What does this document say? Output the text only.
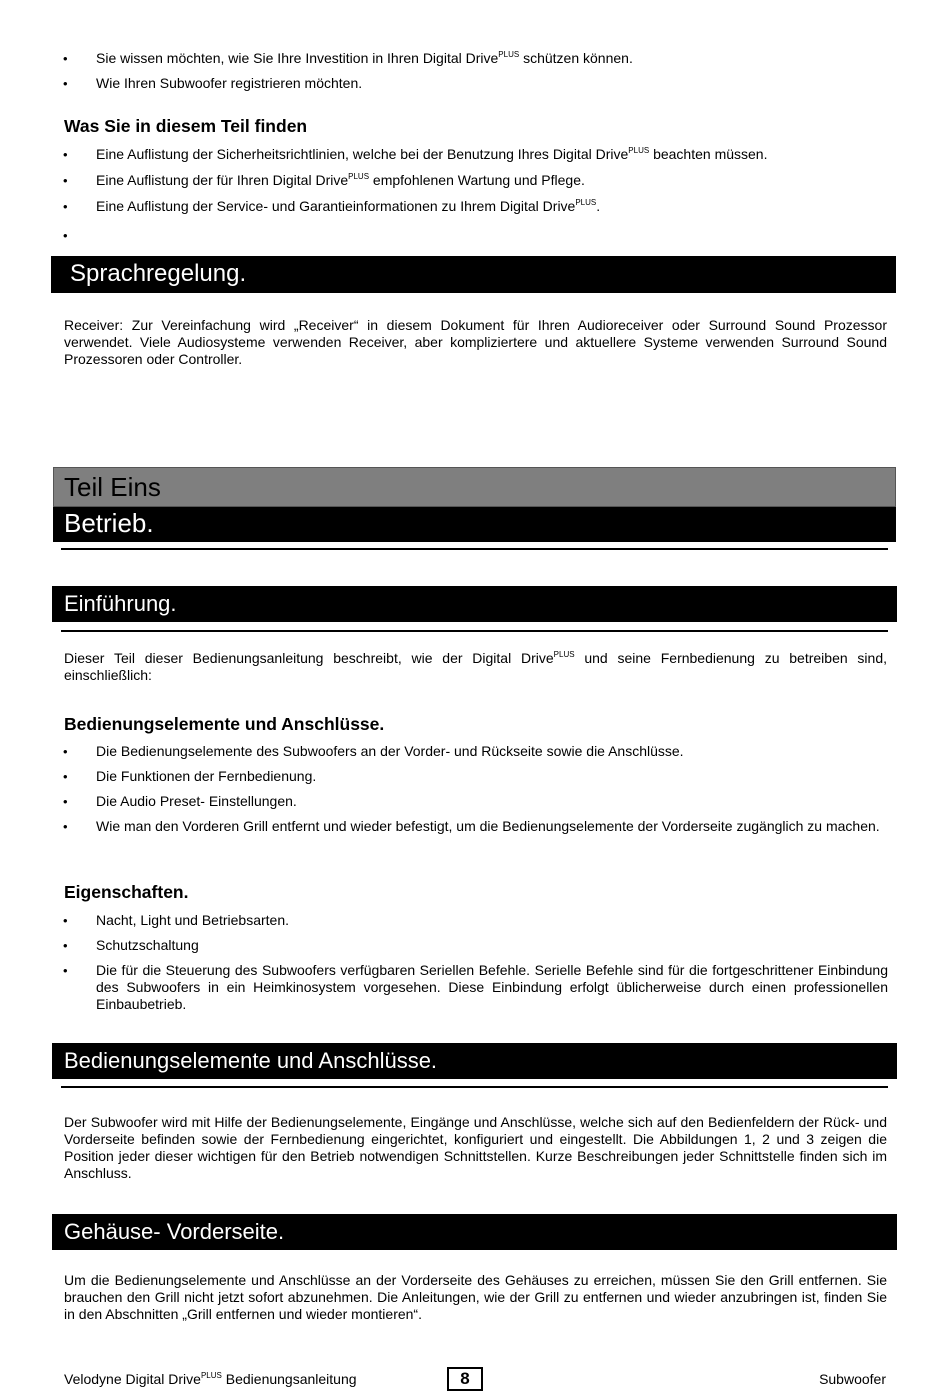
• Sie wissen möchten, wie Sie Ihre Investition in Ihren Digital Drive$^{PLUS}$ schützen können.
• Wie Ihren Subwoofer registrieren möchten.
Was Sie in diesem Teil finden
• Eine Auflistung der Sicherheitsrichtlinien, welche bei der Benutzung Ihres Digital Drive$^{PLUS}$ beachten müssen.
• Eine Auflistung der für Ihren Digital Drive$^{PLUS}$ empfohlenen Wartung und Pflege.
• Eine Auflistung der Service- und Garantieinformationen zu Ihrem Digital Drive$^{PLUS}$.
•
Sprachregelung.
Receiver: Zur Vereinfachung wird „Receiver“ in diesem Dokument für Ihren Audioreceiver oder Surround Sound Prozessor verwendet. Viele Audiosysteme verwenden Receiver, aber kompliziertere und aktuellere Systeme verwenden Surround Sound Prozessoren oder Controller.
Teil Eins
Betrieb.
Einführung.
Dieser Teil dieser Bedienungsanleitung beschreibt, wie der Digital Drive$^{PLUS}$ und seine Fernbedienung zu betreiben sind, einschließlich:
Bedienungselemente und Anschlüsse.
• Die Bedienungselemente des Subwoofers an der Vorder- und Rückseite sowie die Anschlüsse.
• Die Funktionen der Fernbedienung.
• Die Audio Preset- Einstellungen.
• Wie man den Vorderen Grill entfernt und wieder befestigt, um die Bedienungselemente der Vorderseite zugänglich zu machen.
Eigenschaften.
• Nacht, Light und Betriebsarten.
• Schutzschaltung
• Die für die Steuerung des Subwoofers verfügbaren Seriellen Befehle. Serielle Befehle sind für die fortgeschrittener Einbindung des Subwoofers in ein Heimkinosystem vorgesehen. Diese Einbindung erfolgt üblicherweise durch einen professionellen Einbaubetrieb.
Bedienungselemente und Anschlüsse.
Der Subwoofer wird mit Hilfe der Bedienungselemente, Eingänge und Anschlüsse, welche sich auf den Bedienfeldern der Rück- und Vorderseite befinden sowie der Fernbedienung eingerichtet, konfiguriert und eingestellt. Die Abbildungen 1, 2 und 3 zeigen die Position jeder dieser wichtigen für den Betrieb notwendigen Schnittstellen. Kurze Beschreibungen jeder Schnittstelle finden sich im Anschluss.
Gehäuse- Vorderseite.
Um die Bedienungselemente und Anschlüsse an der Vorderseite des Gehäuses zu erreichen, müssen Sie den Grill entfernen. Sie brauchen den Grill nicht jetzt sofort abzunehmen. Die Anleitungen, wie der Grill zu entfernen und wieder anzubringen ist, finden Sie in den Abschnitten „Grill entfernen und wieder montieren“.
Velodyne Digital Drive$^{PLUS}$ Bedienungsanleitung	8	Subwoofer
